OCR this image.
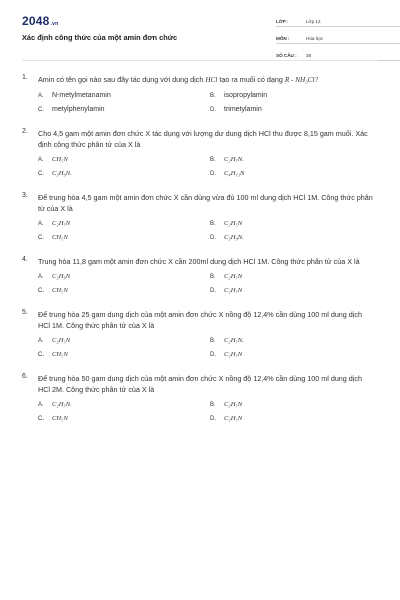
2048.vn
Xác định công thức của một amin đơn chức
LỚP :	Lớp 12
MÔN :	Hóa học
SỐ CÂU :	38
1.	Amin có tên gọi nào sau đây tác dụng với dung dịch HCl tạo ra muối có dạng R - NH₃Cl?
A.	N-metylmetanamin	B.	isopropylamin
C.	metylphenylamin	D.	trimetylamin
2.	Cho 4,5 gam một amin đơn chức X tác dụng với lượng dư dung dịch HCl thu được 8,15 gam muối. Xác định công thức phân tử của X là
A.	CH₅N	B.	C₂H₇N.
C.	C₃H₉N.	D.	C₄H₁₁N
3.	Để trung hòa 4,5 gam một amin đơn chức X cần dùng vừa đủ 100 ml dung dịch HCl 1M. Công thức phân tử của X là
A.	C₂H₇N	B.	C₂H₅N
C.	CH₅N	D.	C₃H₉N.
4.	Trung hòa 11,8 gam một amin đơn chức X cần 200ml dung dịch HCl 1M. Công thức phân tử của X là
A.	C₃H₉N	B.	C₂H₇N
C.	CH₅N	D.	C₃H₇N
5.	Để trung hòa 25 gam dung dịch của một amin đơn chức X nồng độ 12,4% cần dùng 100 ml dung dịch HCl 1M. Công thức phân tử của X là
A.	C₃H₅N	B.	C₂H₇N.
C.	CH₅N	D.	C₃H₇N
6.	Để trung hòa 50 gam dung dịch của một amin đơn chức X nồng độ 12,4% cần dùng 100 ml dung dịch HCl 2M. Công thức phân tử của X là
A.	C₂H₇N.	B.	C₃H₇N
C.	CH₅N	D.	C₃H₅N
